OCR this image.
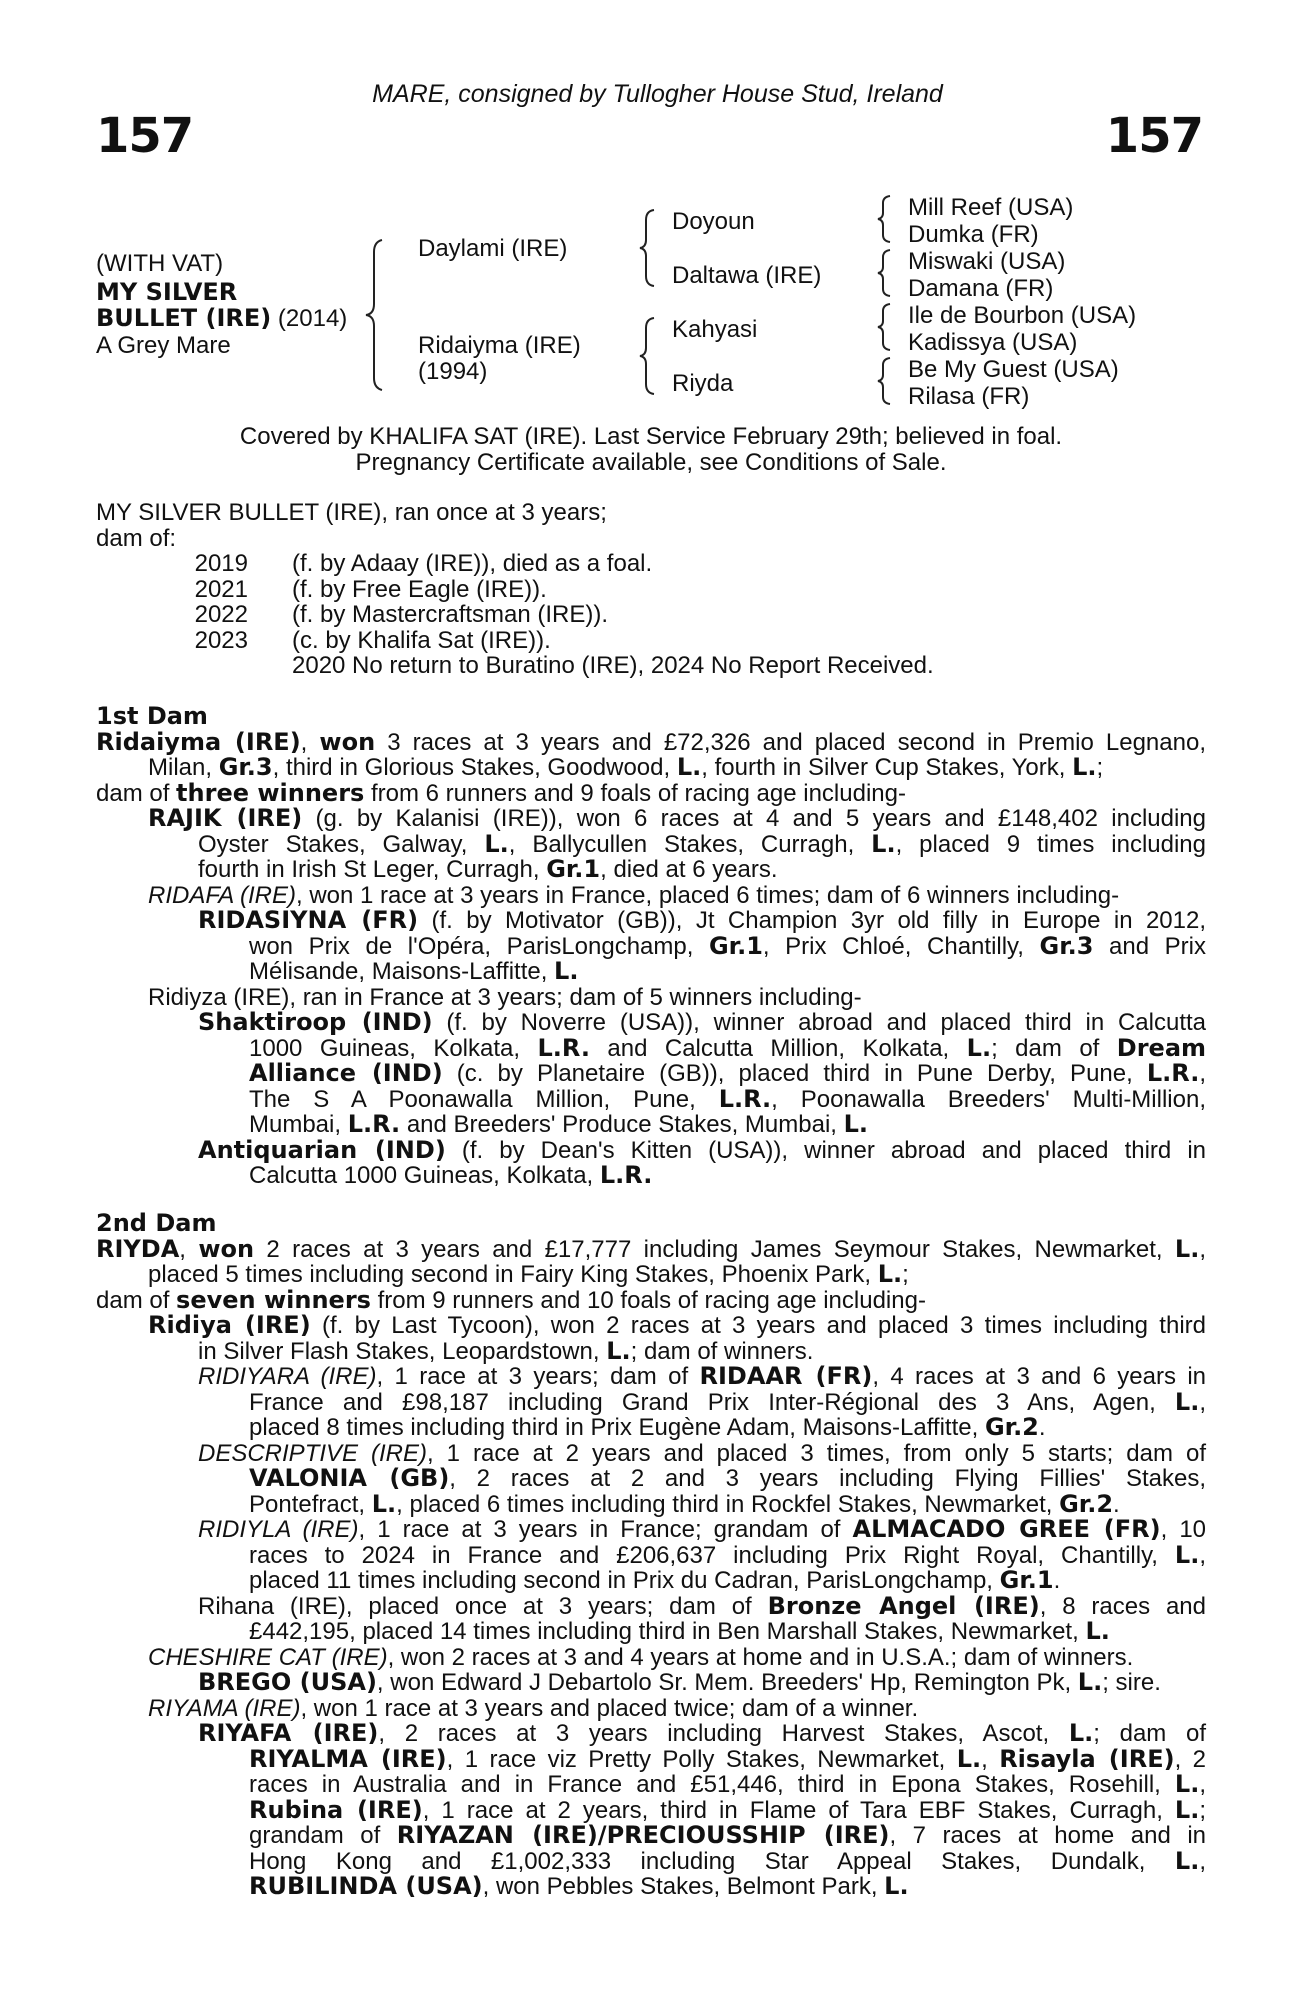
MARE, consigned by Tullogher House Stud, Ireland
157	157
(WITH VAT)
MY SILVER
BULLET (IRE) (2014)
A Grey Mare
Daylami (IRE)
Ridaiyma (IRE)
(1994)
Doyoun
Daltawa (IRE)
Kahyasi
Riyda
Mill Reef (USA)
Dumka (FR)
Miswaki (USA)
Damana (FR)
Ile de Bourbon (USA)
Kadissya (USA)
Be My Guest (USA)
Rilasa (FR)
Covered by KHALIFA SAT (IRE). Last Service February 29th; believed in foal.
Pregnancy Certificate available, see Conditions of Sale.
MY SILVER BULLET (IRE), ran once at 3 years;
dam of:
2019 (f. by Adaay (IRE)), died as a foal.
2021 (f. by Free Eagle (IRE)).
2022 (f. by Mastercraftsman (IRE)).
2023 (c. by Khalifa Sat (IRE)).
2020 No return to Buratino (IRE), 2024 No Report Received.
1st Dam
Ridaiyma (IRE), won 3 races at 3 years and £72,326 and placed second in Premio Legnano,
Milan, Gr.3, third in Glorious Stakes, Goodwood, L., fourth in Silver Cup Stakes, York, L.;
dam of three winners from 6 runners and 9 foals of racing age including-
RAJIK (IRE) (g. by Kalanisi (IRE)), won 6 races at 4 and 5 years and £148,402 including
Oyster Stakes, Galway, L., Ballycullen Stakes, Curragh, L., placed 9 times including
fourth in Irish St Leger, Curragh, Gr.1, died at 6 years.
RIDAFA (IRE), won 1 race at 3 years in France, placed 6 times; dam of 6 winners including-
RIDASIYNA (FR) (f. by Motivator (GB)), Jt Champion 3yr old filly in Europe in 2012,
won Prix de l'Opéra, ParisLongchamp, Gr.1, Prix Chloé, Chantilly, Gr.3 and Prix
Mélisande, Maisons-Laffitte, L.
Ridiyza (IRE), ran in France at 3 years; dam of 5 winners including-
Shaktiroop (IND) (f. by Noverre (USA)), winner abroad and placed third in Calcutta
1000 Guineas, Kolkata, L.R. and Calcutta Million, Kolkata, L.; dam of Dream
Alliance (IND) (c. by Planetaire (GB)), placed third in Pune Derby, Pune, L.R.,
The S A Poonawalla Million, Pune, L.R., Poonawalla Breeders' Multi-Million,
Mumbai, L.R. and Breeders' Produce Stakes, Mumbai, L.
Antiquarian (IND) (f. by Dean's Kitten (USA)), winner abroad and placed third in
Calcutta 1000 Guineas, Kolkata, L.R.
2nd Dam
RIYDA, won 2 races at 3 years and £17,777 including James Seymour Stakes, Newmarket, L.,
placed 5 times including second in Fairy King Stakes, Phoenix Park, L.;
dam of seven winners from 9 runners and 10 foals of racing age including-
Ridiya (IRE) (f. by Last Tycoon), won 2 races at 3 years and placed 3 times including third
in Silver Flash Stakes, Leopardstown, L.; dam of winners.
RIDIYARA (IRE), 1 race at 3 years; dam of RIDAAR (FR), 4 races at 3 and 6 years in
France and £98,187 including Grand Prix Inter-Régional des 3 Ans, Agen, L.,
placed 8 times including third in Prix Eugène Adam, Maisons-Laffitte, Gr.2.
DESCRIPTIVE (IRE), 1 race at 2 years and placed 3 times, from only 5 starts; dam of
VALONIA (GB), 2 races at 2 and 3 years including Flying Fillies' Stakes,
Pontefract, L., placed 6 times including third in Rockfel Stakes, Newmarket, Gr.2.
RIDIYLA (IRE), 1 race at 3 years in France; grandam of ALMACADO GREE (FR), 10
races to 2024 in France and £206,637 including Prix Right Royal, Chantilly, L.,
placed 11 times including second in Prix du Cadran, ParisLongchamp, Gr.1.
Rihana (IRE), placed once at 3 years; dam of Bronze Angel (IRE), 8 races and
£442,195, placed 14 times including third in Ben Marshall Stakes, Newmarket, L.
CHESHIRE CAT (IRE), won 2 races at 3 and 4 years at home and in U.S.A.; dam of winners.
BREGO (USA), won Edward J Debartolo Sr. Mem. Breeders' Hp, Remington Pk, L.; sire.
RIYAMA (IRE), won 1 race at 3 years and placed twice; dam of a winner.
RIYAFA (IRE), 2 races at 3 years including Harvest Stakes, Ascot, L.; dam of
RIYALMA (IRE), 1 race viz Pretty Polly Stakes, Newmarket, L., Risayla (IRE), 2
races in Australia and in France and £51,446, third in Epona Stakes, Rosehill, L.,
Rubina (IRE), 1 race at 2 years, third in Flame of Tara EBF Stakes, Curragh, L.;
grandam of RIYAZAN (IRE)/PRECIOUSSHIP (IRE), 7 races at home and in
Hong Kong and £1,002,333 including Star Appeal Stakes, Dundalk, L.,
RUBILINDA (USA), won Pebbles Stakes, Belmont Park, L.
